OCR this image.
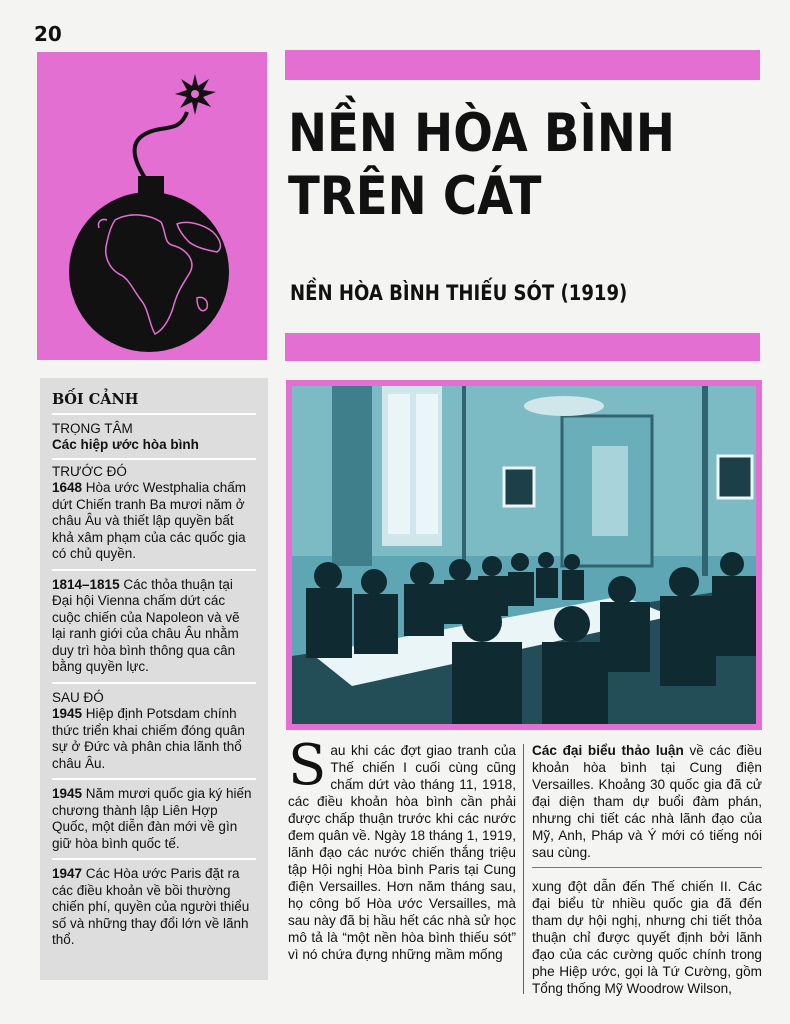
20
NỀN HÒA BÌNH
TRÊN CÁT
NỀN HÒA BÌNH THIẾU SÓT (1919)
BỐI CẢNH

TRỌNG TÂM

Các hiệp ước hòa bình

TRƯỚC ĐÓ

1648 Hòa ước Westphalia chấm dứt Chiến tranh Ba mươi năm ở châu Âu và thiết lập quyền bất khả xâm phạm của các quốc gia có chủ quyền.
1814–1815 Các thỏa thuận tại Đại hội Vienna chấm dứt các cuộc chiến của Napoleon và vẽ lại ranh giới của châu Âu nhằm duy trì hòa bình thông qua cân bằng quyền lực.

SAU ĐÓ

1945 Hiệp định Potsdam chính thức triển khai chiếm đóng quân sự ở Đức và phân chia lãnh thổ châu Âu.
1945 Năm mươi quốc gia ký hiến chương thành lập Liên Hợp Quốc, một diễn đàn mới về gìn giữ hòa bình quốc tế.
1947 Các Hòa ước Paris đặt ra các điều khoản về bồi thường chiến phí, quyền của người thiểu số và những thay đổi lớn về lãnh thổ.
S au khi các đợt giao tranh của Thế chiến I cuối cùng cũng chấm dứt vào tháng 11, 1918, các điều khoản hòa bình cần phải được chấp thuận trước khi các nước đem quân về. Ngày 18 tháng 1, 1919, lãnh đạo các nước chiến thắng triệu tập Hội nghị Hòa bình Paris tại Cung điện Versailles. Hơn năm tháng sau, họ công bố Hòa ước Versailles, mà sau này đã bị hầu hết các nhà sử học mô tả là “một nền hòa bình thiếu sót” vì nó chứa đựng những mầm mống

Các đại biểu thảo luận về các điều khoản hòa bình tại Cung điện Versailles. Khoảng 30 quốc gia đã cử đại diện tham dự buổi đàm phán, nhưng chi tiết các nhà lãnh đạo của Mỹ, Anh, Pháp và Ý mới có tiếng nói sau cùng.

xung đột dẫn đến Thế chiến II. Các đại biểu từ nhiều quốc gia đã đến tham dự hội nghị, nhưng chi tiết thỏa thuận chỉ được quyết định bởi lãnh đạo của các cường quốc chính trong phe Hiệp ước, gọi là Tứ Cường, gồm Tổng thống Mỹ Woodrow Wilson,
